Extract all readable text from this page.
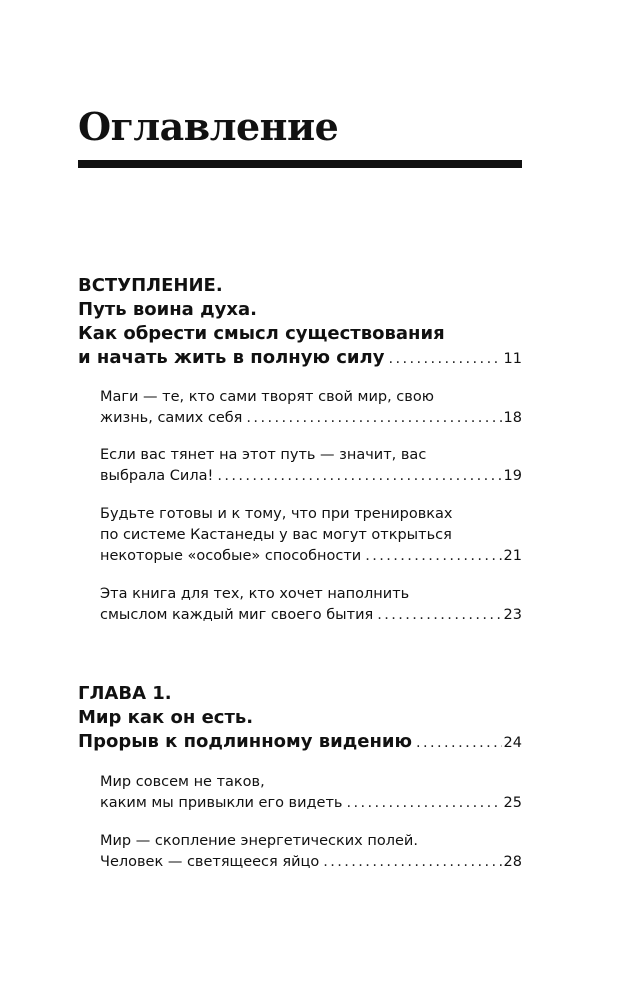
Оглавление

ВСТУПЛЕНИЕ.

Путь воина духа.

Как обрести смысл существования

и начать жить в полную силу .....	11
Маги — те, кто сами творят свой мир, свою
жизнь, самих себя .....	18
Если вас тянет на этот путь — значит, вас
выбрала Сила! .....	19
Будьте готовы и к тому, что при тренировках
по системе Кастанеды у вас могут открыться
некоторые «особые» способности .....	21
Эта книга для тех, кто хочет наполнить
смыслом каждый миг своего бытия .....	23

ГЛАВА 1.

Мир как он есть.

Прорыв к подлинному видению .....	24
Мир совсем не таков,
каким мы привыкли его видеть .....	25
Мир — скопление энергетических полей.
Человек — светящееся яйцо .....	28
